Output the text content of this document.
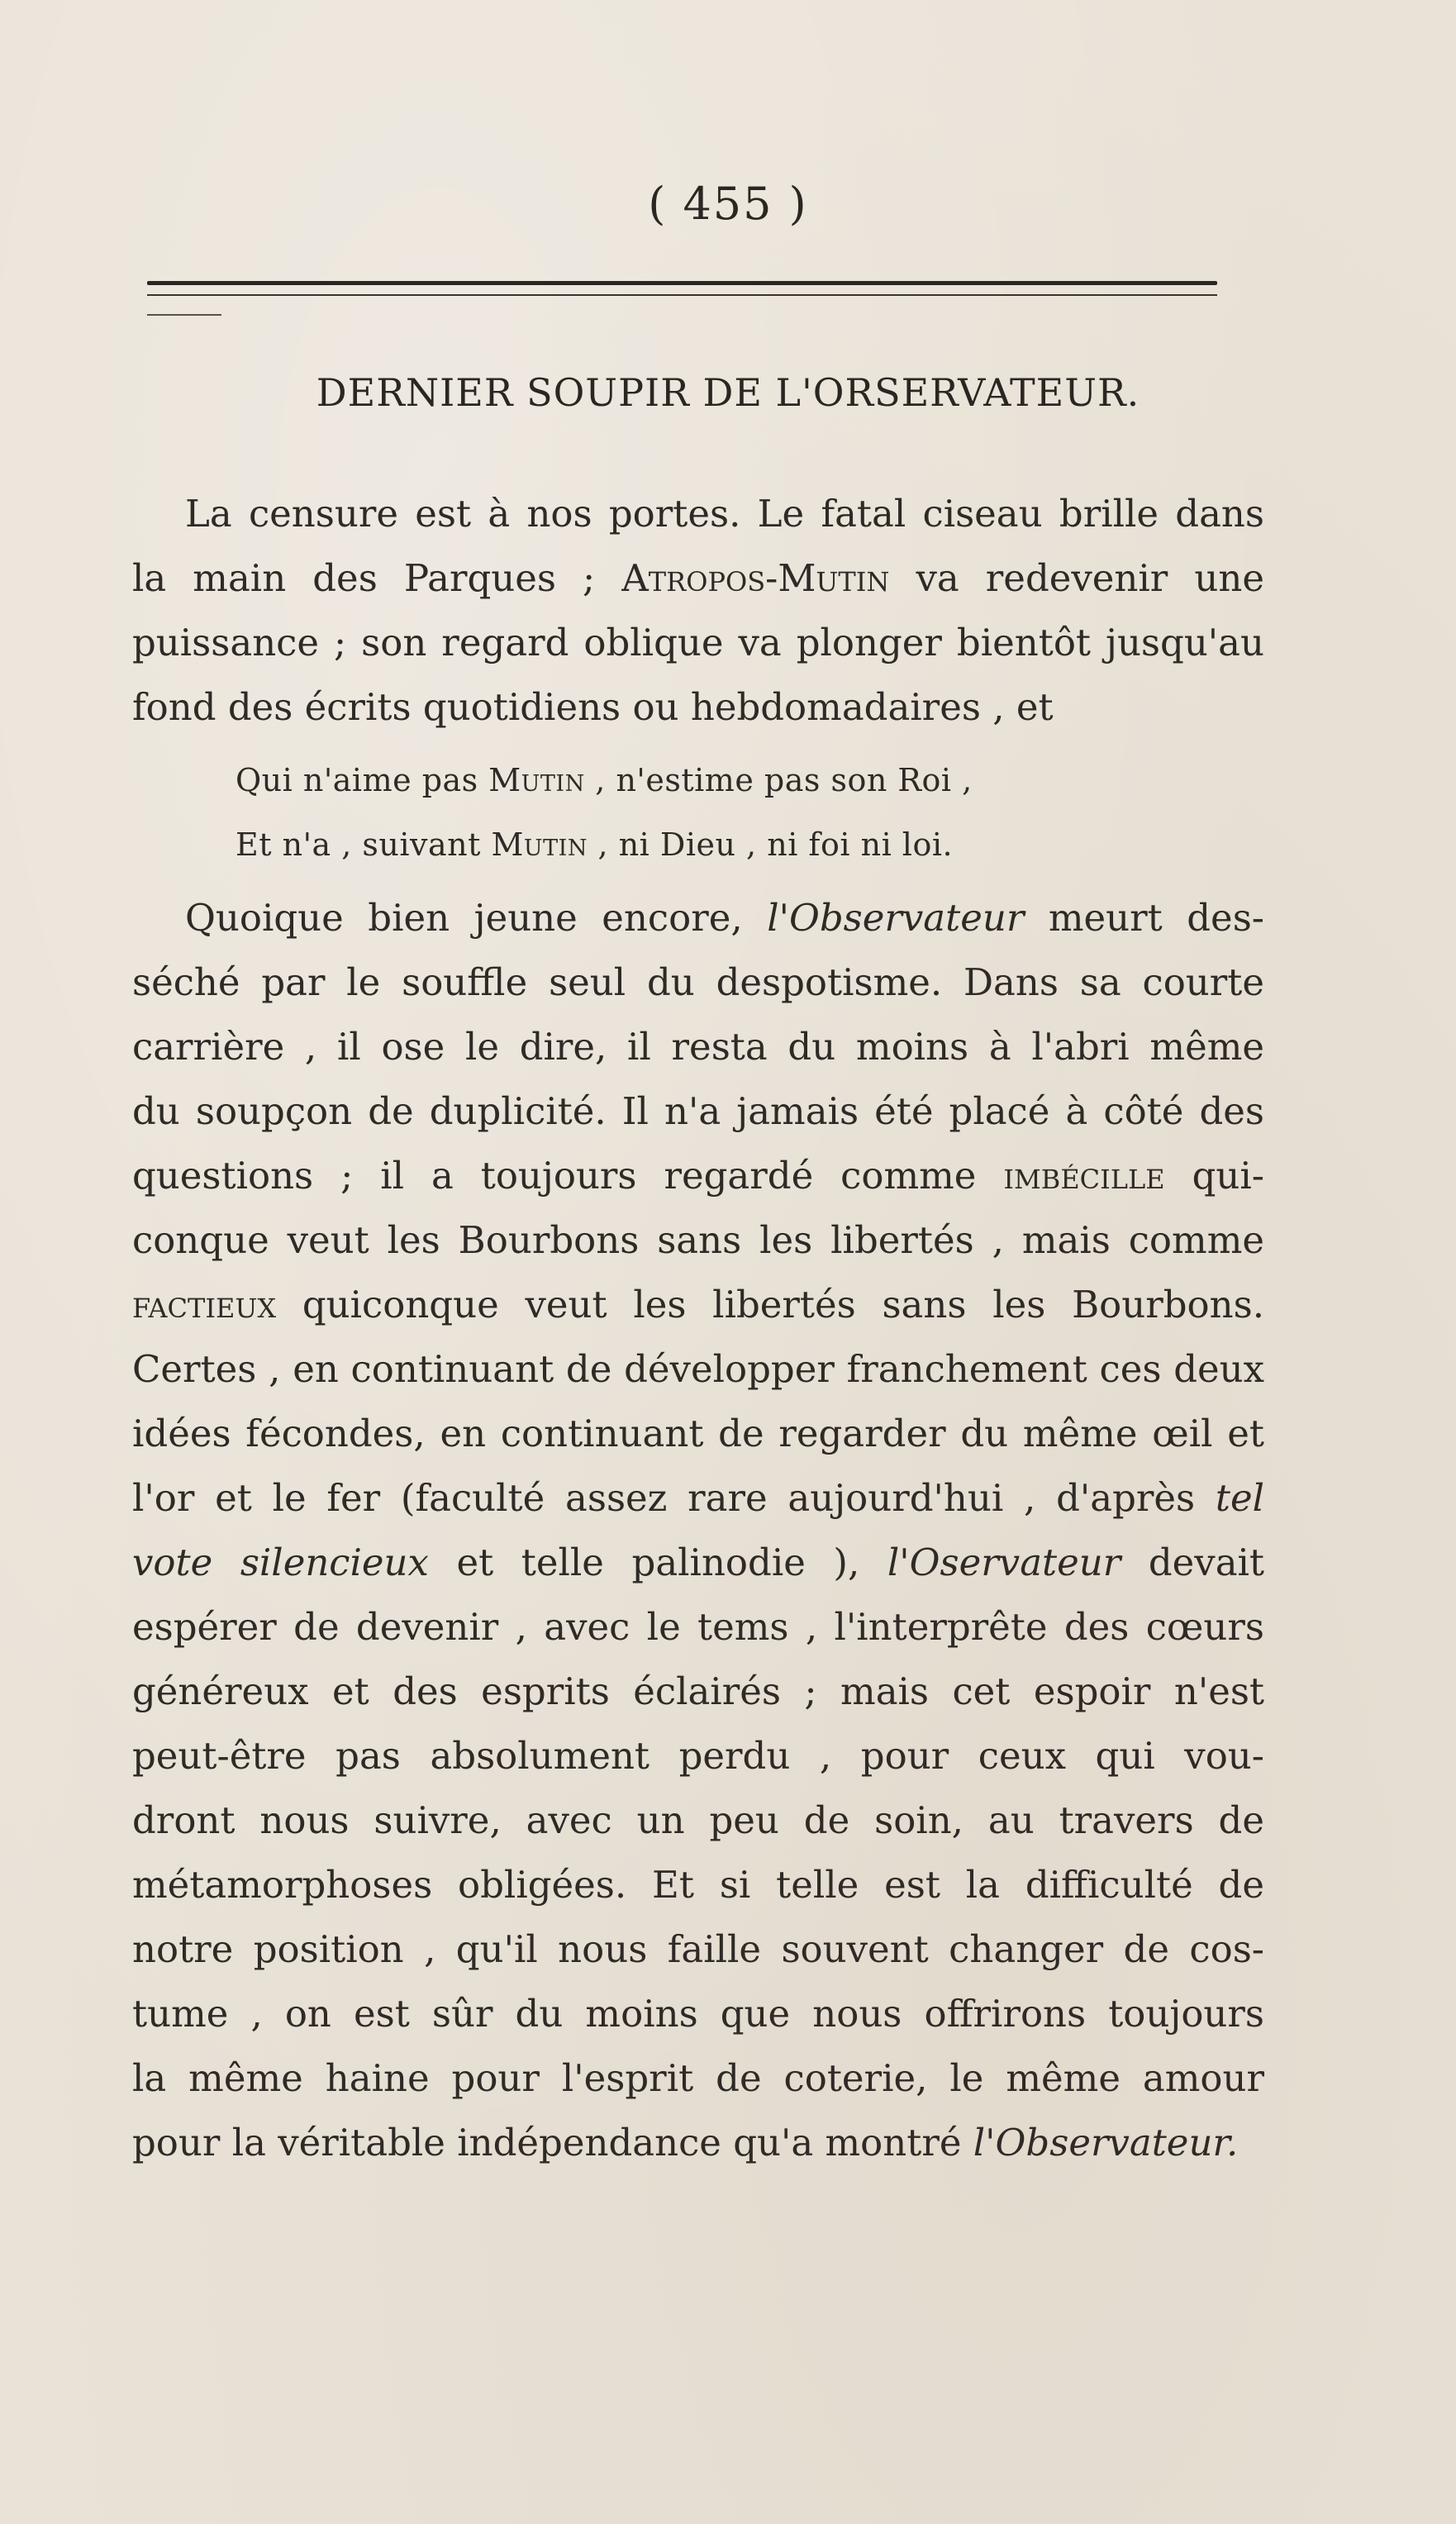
( 455 )
DERNIER SOUPIR DE L'ORSERVATEUR.
La censure est à nos portes. Le fatal ciseau brille dans
la main des Parques ; Atropos-Mutin va redevenir une
puissance ; son regard oblique va plonger bientôt jusqu'au
fond des écrits quotidiens ou hebdomadaires , et
Qui n'aime pas Mutin , n'estime pas son Roi ,
Et n'a , suivant Mutin , ni Dieu , ni foi ni loi.
Quoique bien jeune encore, l'Observateur meurt des-
séché par le souffle seul du despotisme. Dans sa courte
carrière , il ose le dire, il resta du moins à l'abri même
du soupçon de duplicité. Il n'a jamais été placé à côté des
questions ; il a toujours regardé comme imbécille qui-
conque veut les Bourbons sans les libertés , mais comme
factieux quiconque veut les libertés sans les Bourbons.
Certes , en continuant de développer franchement ces deux
idées fécondes, en continuant de regarder du même œil et
l'or et le fer (faculté assez rare aujourd'hui , d'après tel
vote silencieux et telle palinodie ), l'Oservateur devait
espérer de devenir , avec le tems , l'interprête des cœurs
généreux et des esprits éclairés ; mais cet espoir n'est
peut-être pas absolument perdu , pour ceux qui vou-
dront nous suivre, avec un peu de soin, au travers de
métamorphoses obligées. Et si telle est la difficulté de
notre position , qu'il nous faille souvent changer de cos-
tume , on est sûr du moins que nous offrirons toujours
la même haine pour l'esprit de coterie, le même amour
pour la véritable indépendance qu'a montré l'Observateur.
